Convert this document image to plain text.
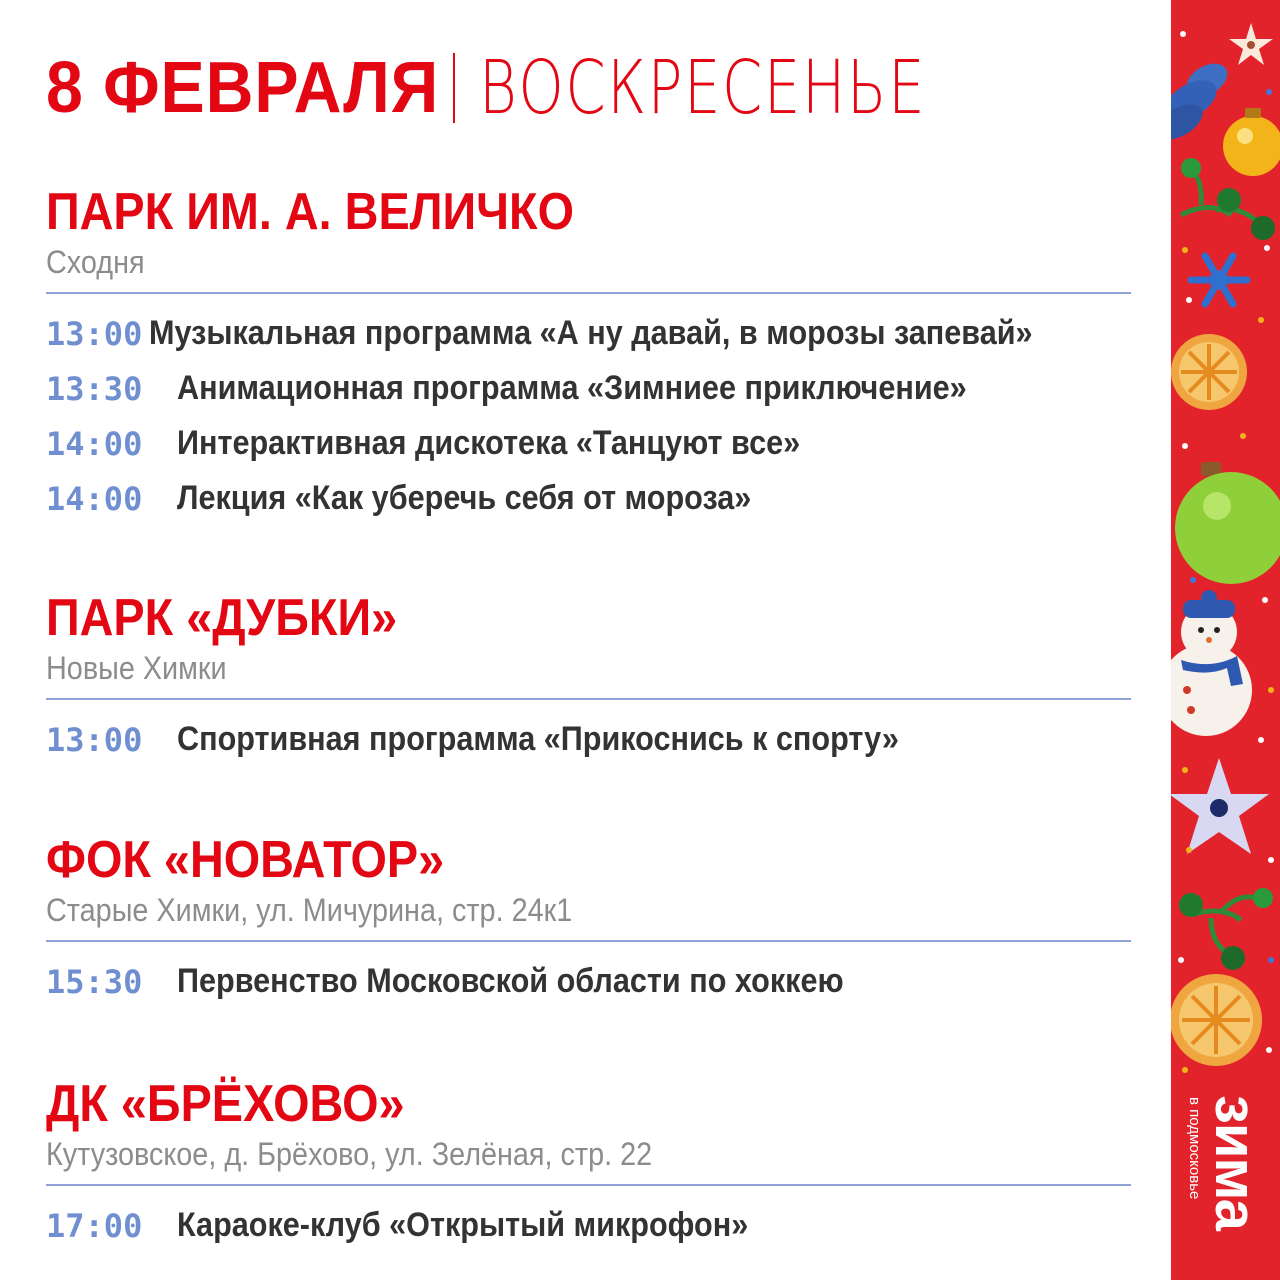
8 ФЕВРАЛЯ ВОСКРЕСЕНЬЕ
ПАРК ИМ. А. ВЕЛИЧКО
Сходня
13:00 Музыкальная программа «А ну давай, в морозы запевай»
13:30	Анимационная программа «Зимниее приключение»
14:00	Интерактивная дискотека «Танцуют все»
14:00	Лекция «Как уберечь себя от мороза»
ПАРК «ДУБКИ»
Новые Химки
13:00	Спортивная программа «Прикоснись к спорту»
ФОК «НОВАТОР»
Старые Химки, ул. Мичурина, стр. 24к1
15:30	Первенство Московской области по хоккею
ДК «БРЁХОВО»
Кутузовское, д. Брёхово, ул. Зелёная, стр. 22
17:00	Караоке-клуб «Открытый микрофон»
в подмосковье зима
